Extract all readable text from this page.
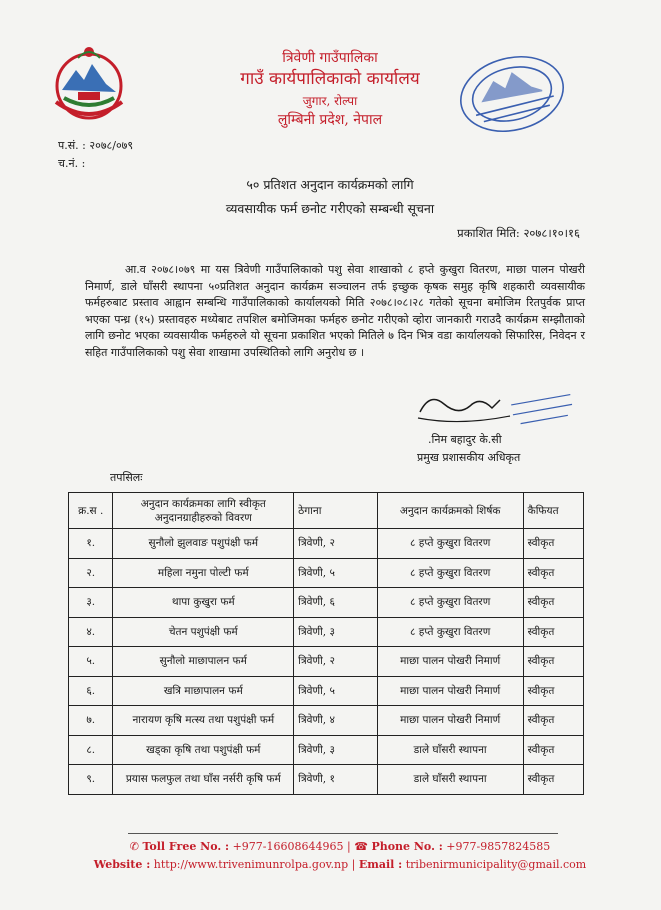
त्रिवेणी गाउँपालिका
गाउँ कार्यपालिकाको कार्यालय
जुगार, रोल्पा
लुम्बिनी प्रदेश, नेपाल
प.सं. : २०७८/०७९
च.नं. :
५० प्रतिशत अनुदान कार्यक्रमको लागि
व्यवसायीक फर्म छनोट गरीएको सम्बन्धी सूचना
प्रकाशित मिति: २०७८।१०।१६

आ.व २०७८।०७९ मा यस त्रिवेणी गाउँपालिकाको पशु सेवा शाखाको ८ हप्ते कुखुरा वितरण, माछा पालन पोखरी निमार्ण, डाले घाँसरी स्थापना ५०प्रतिशत अनुदान कार्यक्रम सञ्चालन तर्फ इच्छुक कृषक समुह कृषि शहकारी व्यवसायीक फर्महरुबाट प्रस्ताव आह्वान सम्बन्धि गाउँपालिकाको कार्यालयको मिति २०७८।०८।२८ गतेको सूचना बमोजिम रितपुर्वक प्राप्त भएका पन्ध्र (१५) प्रस्तावहरु मध्येबाट तपशिल बमोजिमका फर्महरु छनोट गरीएको व्होरा जानकारी गराउदै कार्यक्रम सम्झौताको लागि छनोट भएका व्यवसायीक फर्महरुले यो सूचना प्रकाशित भएको मितिले ७ दिन भित्र वडा कार्यालयको सिफारिस, निवेदन र सहित गाउँपालिकाको पशु सेवा शाखामा उपस्थितिको लागि अनुरोध छ ।

.निम बहादुर के.सी
प्रमुख प्रशासकीय अधिकृत
तपसिलः
क्र.स .	अनुदान कार्यक्रमका लागि स्वीकृत अनुदानग्राहीहरुको विवरण	ठेगाना	अनुदान कार्यक्रमको शिर्षक	कैफियत
१.	सुनौलो झुलवाङ पशुपंक्षी फर्म	त्रिवेणी, २	८ हप्ते कुखुरा वितरण	स्वीकृत
२.	महिला नमुना पोल्टी फर्म	त्रिवेणी, ५	८ हप्ते कुखुरा वितरण	स्वीकृत
३.	थापा कुखुरा फर्म	त्रिवेणी, ६	८ हप्ते कुखुरा वितरण	स्वीकृत
४.	चेतन पशुपंक्षी फर्म	त्रिवेणी, ३	८ हप्ते कुखुरा वितरण	स्वीकृत
५.	सुनौलो माछापालन फर्म	त्रिवेणी, २	माछा पालन पोखरी निमार्ण	स्वीकृत
६.	खत्रि माछापालन फर्म	त्रिवेणी, ५	माछा पालन पोखरी निमार्ण	स्वीकृत
७.	नारायण कृषि मत्स्य तथा पशुपंक्षी फर्म	त्रिवेणी, ४	माछा पालन पोखरी निमार्ण	स्वीकृत
८.	खड्का कृषि तथा पशुपंक्षी फर्म	त्रिवेणी, ३	डाले घाँसरी स्थापना	स्वीकृत
९.	प्रयास फलफुल तथा घाँस नर्सरी कृषि फर्म	त्रिवेणी, १	डाले घाँसरी स्थापना	स्वीकृत
✆ Toll Free No. : +977-16608644965 | ☎ Phone No. : +977-9857824585
Website : http://www.trivenimunrolpa.gov.np | Email : tribenirmunicipality@gmail.com
